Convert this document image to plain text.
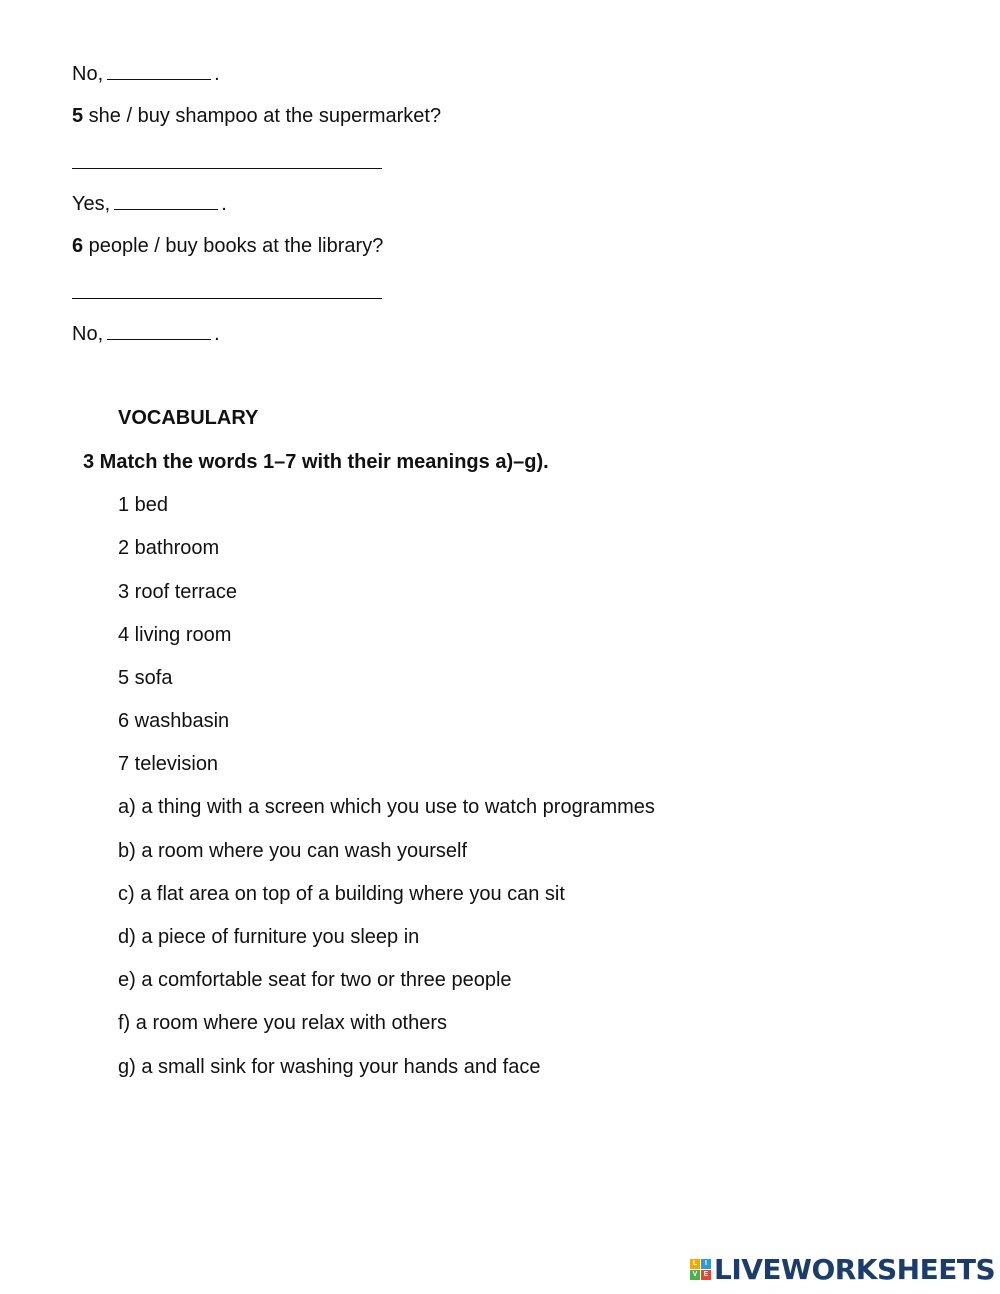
No,	.
5 she / buy shampoo at the supermarket?
Yes,	.
6 people / buy books at the library?
No,	.
VOCABULARY
3 Match the words 1–7 with their meanings a)–g).
1 bed
2 bathroom
3 roof terrace
4 living room
5 sofa
6 washbasin
7 television
a) a thing with a screen which you use to watch programmes
b) a room where you can wash yourself
c) a flat area on top of a building where you can sit
d) a piece of furniture you sleep in
e) a comfortable seat for two or three people
f) a room where you relax with others
g) a small sink for washing your hands and face
L	I
V E LIVEWORKSHEETS
